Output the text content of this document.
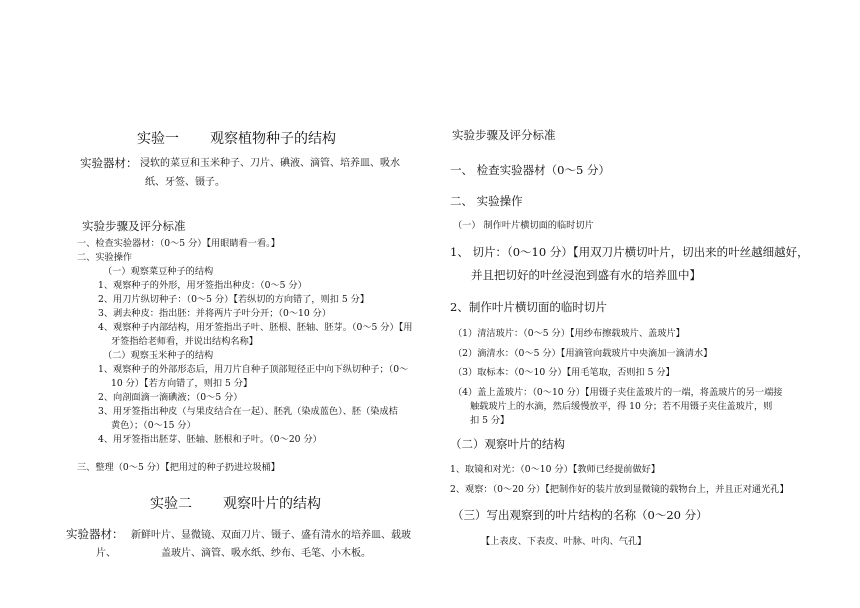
实验一 观察植物种子的结构
实验器材： 浸软的菜豆和玉米种子、刀片、碘液、滴管、培养皿、吸水
纸、牙签、镊子。
实验步骤及评分标准
一、检查实验器材：（0～5 分）【用眼睛看一看。】
二、实验操作
（一）观察菜豆种子的结构
1、观察种子的外形，用牙签指出种皮：（0～5 分）
2、用刀片纵切种子：（0～5 分）【若纵切的方向错了，则扣 5 分】
3、剥去种皮：指出胚：并将两片子叶分开；（0～10 分）
4、观察种子内部结构，用牙签指出子叶、胚根、胚轴、胚芽。（0～5 分）【用
牙签指给老师看，并说出结构名称】
（二）观察玉米种子的结构
1、观察种子的外部形态后，用刀片自种子顶部短径正中向下纵切种子；（0～
10 分）【若方向错了，则扣 5 分】
2、向剖面滴一滴碘液；（0～5 分）
3、用牙签指出种皮（与果皮结合在一起）、胚乳（染成蓝色）、胚（染成桔
黄色）；（0～15 分）
4、用牙签指出胚芽、胚轴、胚根和子叶。（0～20 分）
三、整理（0～5 分）【把用过的种子扔进垃圾桶】
实验二 观察叶片的结构
实验器材： 新鲜叶片、显微镜、双面刀片、镊子、盛有清水的培养皿、载玻
片、	盖玻片、滴管、吸水纸、纱布、毛笔、小木板。
实验步骤及评分标准
一、 检查实验器材（0～5 分）
二、 实验操作
（一） 制作叶片横切面的临时切片
1、 切片：（0～10 分）【用双刀片横切叶片，切出来的叶丝越细越好，
并且把切好的叶丝浸泡到盛有水的培养皿中】
2、制作叶片横切面的临时切片
（1）清洁玻片：（0～5 分）【用纱布擦载玻片、盖玻片】
（2）滴清水：（0～5 分）【用滴管向载玻片中央滴加一滴清水】
（3）取标本：（0～10 分）【用毛笔取，否则扣 5 分】
（4）盖上盖玻片：（0～10 分）【用镊子夹住盖玻片的一端，将盖玻片的另一端接
触载玻片上的水滴，然后缓慢放平，得 10 分；若不用镊子夹住盖玻片，则
扣 5 分】
（二）观察叶片的结构
1、取镜和对光：（0～10 分）【教师已经提前做好】
2、观察：（0～20 分）【把制作好的装片放到显微镜的载物台上，并且正对通光孔】
（三）写出观察到的叶片结构的名称（0～20 分）
【上表皮、下表皮、叶脉、叶肉、气孔】
